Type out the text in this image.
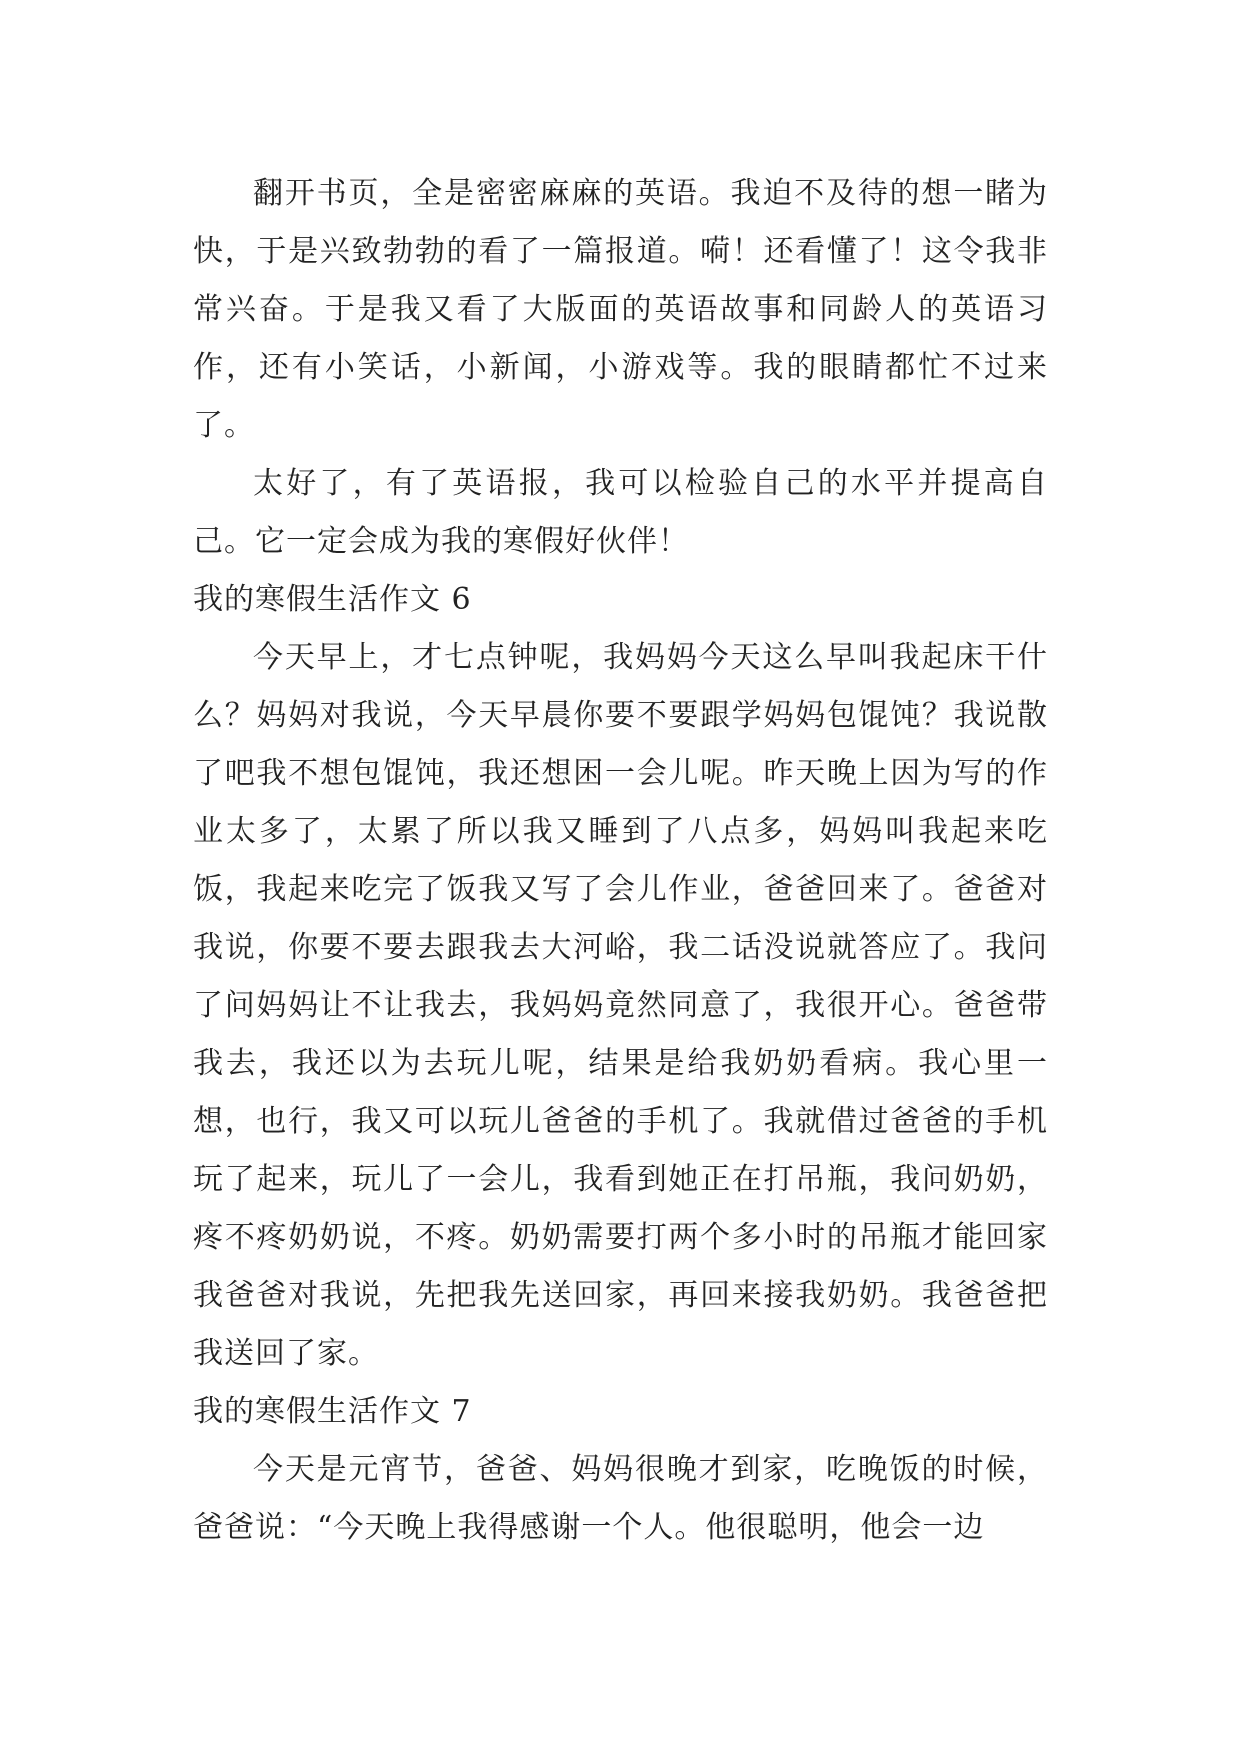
翻开书页，全是密密麻麻的英语。我迫不及待的想一睹为快，于是兴致勃勃的看了一篇报道。嗬！还看懂了！这令我非常兴奋。于是我又看了大版面的英语故事和同龄人的英语习作，还有小笑话，小新闻，小游戏等。我的眼睛都忙不过来了。

太好了，有了英语报，我可以检验自己的水平并提高自己。它一定会成为我的寒假好伙伴！

我的寒假生活作文 6

今天早上，才七点钟呢，我妈妈今天这么早叫我起床干什么？妈妈对我说，今天早晨你要不要跟学妈妈包馄饨？我说散了吧我不想包馄饨，我还想困一会儿呢。昨天晚上因为写的作业太多了，太累了所以我又睡到了八点多，妈妈叫我起来吃饭，我起来吃完了饭我又写了会儿作业，爸爸回来了。爸爸对我说，你要不要去跟我去大河峪，我二话没说就答应了。我问了问妈妈让不让我去，我妈妈竟然同意了，我很开心。爸爸带我去，我还以为去玩儿呢，结果是给我奶奶看病。我心里一想，也行，我又可以玩儿爸爸的手机了。我就借过爸爸的手机玩了起来，玩儿了一会儿，我看到她正在打吊瓶，我问奶奶，疼不疼奶奶说，不疼。奶奶需要打两个多小时的吊瓶才能回家我爸爸对我说，先把我先送回家，再回来接我奶奶。我爸爸把我送回了家。

我的寒假生活作文 7

今天是元宵节，爸爸、妈妈很晚才到家，吃晚饭的时候，爸爸说：“今天晚上我得感谢一个人。他很聪明，他会一边
